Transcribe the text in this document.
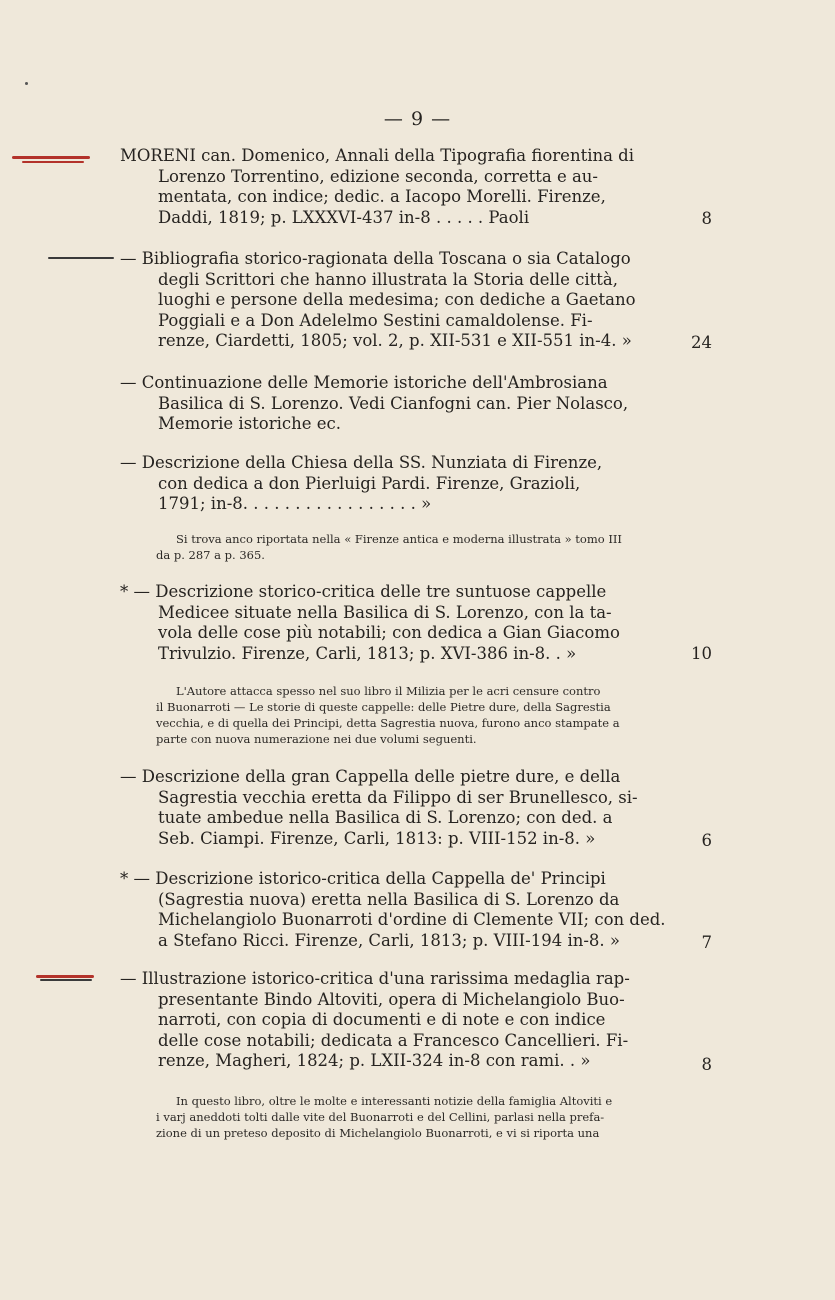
— 9 —
MORENI can. Domenico, Annali della Tipografia fiorentina di
Lorenzo Torrentino, edizione seconda, corretta e au-
mentata, con indice; dedic. a Iacopo Morelli. Firenze,
Daddi, 1819; p. LXXXVI-437 in-8 . . . . . Paoli	8
— Bibliografia storico-ragionata della Toscana o sia Catalogo
degli Scrittori che hanno illustrata la Storia delle città,
luoghi e persone della medesima; con dediche a Gaetano
Poggiali e a Don Adelelmo Sestini camaldolense. Fi-
renze, Ciardetti, 1805; vol. 2, p. XII-531 e XII-551 in-4. »	24
— Continuazione delle Memorie istoriche dell'Ambrosiana
Basilica di S. Lorenzo. Vedi Cianfogni can. Pier Nolasco,
Memorie istoriche ec.
— Descrizione della Chiesa della SS. Nunziata di Firenze,
con dedica a don Pierluigi Pardi. Firenze, Grazioli,
1791; in-8. . . . . . . . . . . . . . . . . »
Si trova anco riportata nella « Firenze antica e moderna illustrata » tomo III
da p. 287 a p. 365.
* — Descrizione storico-critica delle tre suntuose cappelle
Medicee situate nella Basilica di S. Lorenzo, con la ta-
vola delle cose più notabili; con dedica a Gian Giacomo
Trivulzio. Firenze, Carli, 1813; p. XVI-386 in-8. . »	10
L'Autore attacca spesso nel suo libro il Milizia per le acri censure contro
il Buonarroti — Le storie di queste cappelle: delle Pietre dure, della Sagrestia
vecchia, e di quella dei Principi, detta Sagrestia nuova, furono anco stampate a
parte con nuova numerazione nei due volumi seguenti.
— Descrizione della gran Cappella delle pietre dure, e della
Sagrestia vecchia eretta da Filippo di ser Brunellesco, si-
tuate ambedue nella Basilica di S. Lorenzo; con ded. a
Seb. Ciampi. Firenze, Carli, 1813: p. VIII-152 in-8. »	6
* — Descrizione istorico-critica della Cappella de' Principi
(Sagrestia nuova) eretta nella Basilica di S. Lorenzo da
Michelangiolo Buonarroti d'ordine di Clemente VII; con ded.
a Stefano Ricci. Firenze, Carli, 1813; p. VIII-194 in-8. »	7
— Illustrazione istorico-critica d'una rarissima medaglia rap-
presentante Bindo Altoviti, opera di Michelangiolo Buo-
narroti, con copia di documenti e di note e con indice
delle cose notabili; dedicata a Francesco Cancellieri. Fi-
renze, Magheri, 1824; p. LXII-324 in-8 con rami. . »	8
In questo libro, oltre le molte e interessanti notizie della famiglia Altoviti e
i varj aneddoti tolti dalle vite del Buonarroti e del Cellini, parlasi nella prefa-
zione di un preteso deposito di Michelangiolo Buonarroti, e vi si riporta una
